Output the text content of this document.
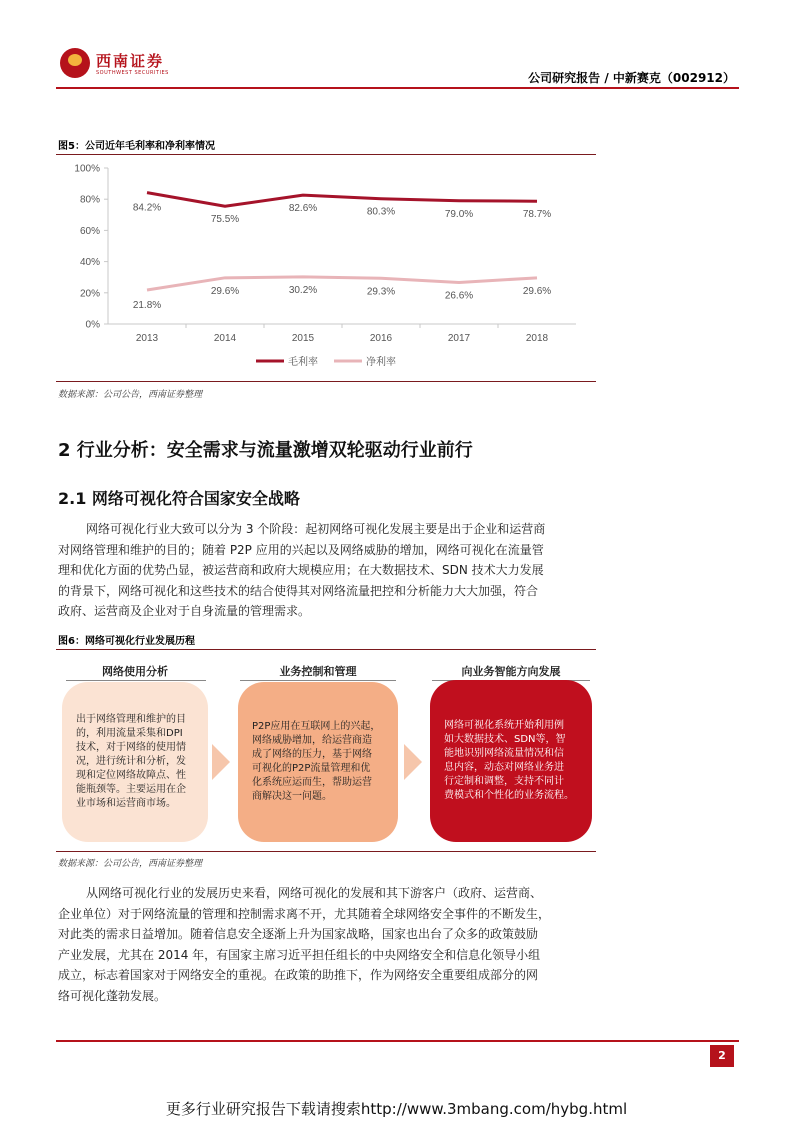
西南证券
SOUTHWEST SECURITIES	公司研究报告 / 中新赛克（002912）
图5：公司近年毛利率和净利率情况
0%
20%
40%
60%
80%
100%
2013	2014	2015	2016	2017	2018
84.2%
75.5%
82.6%	80.3%	79.0%	78.7%
21.8%
29.6%	30.2%	29.3%	26.6%	29.6%
毛利率	净利率
数据来源：公司公告，西南证券整理
2 行业分析：安全需求与流量激增双轮驱动行业前行
2.1 网络可视化符合国家安全战略
网络可视化行业大致可以分为 3 个阶段：起初网络可视化发展主要是出于企业和运营商
对网络管理和维护的目的；随着 P2P 应用的兴起以及网络威胁的增加，网络可视化在流量管
理和优化方面的优势凸显，被运营商和政府大规模应用；在大数据技术、SDN 技术大力发展
的背景下，网络可视化和这些技术的结合使得其对网络流量把控和分析能力大大加强，符合
政府、运营商及企业对于自身流量的管理需求。
图6：网络可视化行业发展历程
网络使用分析	业务控制和管理	向业务智能方向发展
出于网络管理和维护的目
的，利用流量采集和DPI
技术，对于网络的使用情
况，进行统计和分析，发
现和定位网络故障点、性
能瓶颈等。主要运用在企
业市场和运营商市场。
P2P应用在互联网上的兴起，
网络威胁增加，给运营商造
成了网络的压力，基于网络
可视化的P2P流量管理和优
化系统应运而生，帮助运营
商解决这一问题。
网络可视化系统开始利用例
如大数据技术、SDN等，智
能地识别网络流量情况和信
息内容，动态对网络业务进
行定制和调整，支持不同计
费模式和个性化的业务流程。
数据来源：公司公告，西南证券整理
从网络可视化行业的发展历史来看，网络可视化的发展和其下游客户（政府、运营商、
企业单位）对于网络流量的管理和控制需求离不开，尤其随着全球网络安全事件的不断发生，
对此类的需求日益增加。随着信息安全逐渐上升为国家战略，国家也出台了众多的政策鼓励
产业发展，尤其在 2014 年，有国家主席习近平担任组长的中央网络安全和信息化领导小组
成立，标志着国家对于网络安全的重视。在政策的助推下，作为网络安全重要组成部分的网
络可视化蓬勃发展。
2
更多行业研究报告下载请搜索http://www.3mbang.com/hybg.html
